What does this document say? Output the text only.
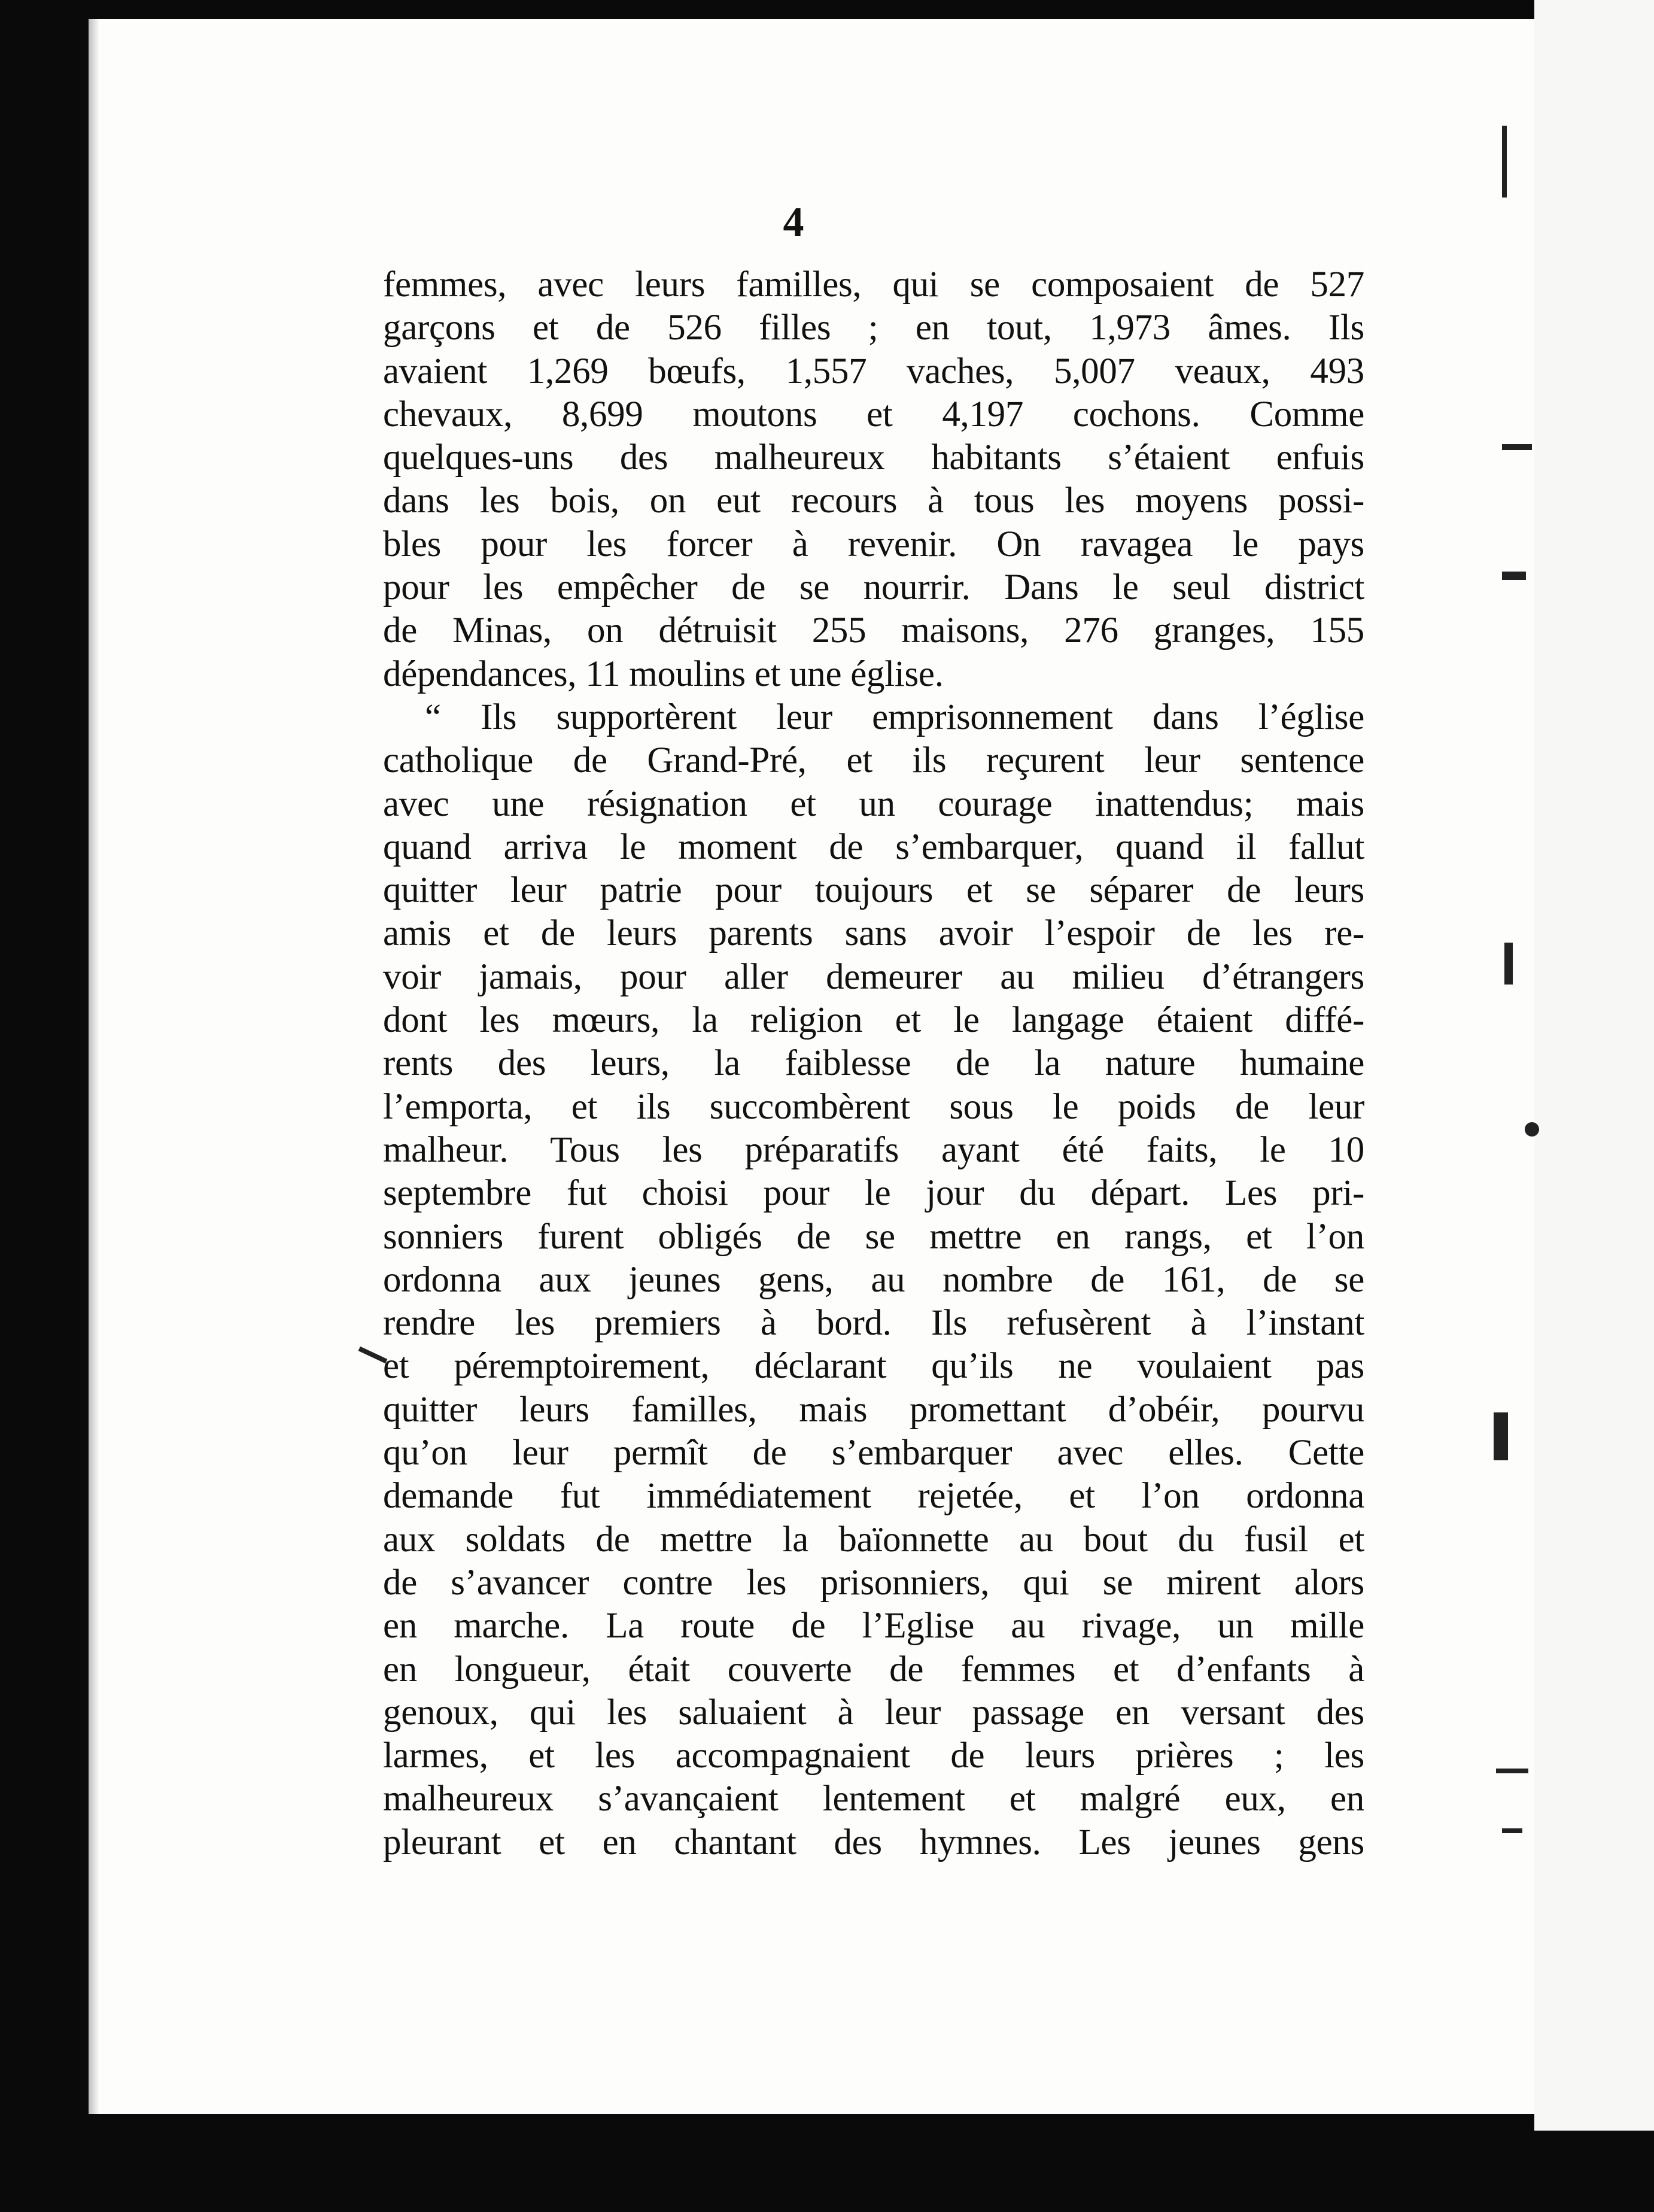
4
femmes, avec leurs familles, qui se composaient de 527
garçons et de 526 filles ; en tout, 1,973 âmes. Ils
avaient 1,269 bœufs, 1,557 vaches, 5,007 veaux, 493
chevaux, 8,699 moutons et 4,197 cochons. Comme
quelques-uns des malheureux habitants s’étaient enfuis
dans les bois, on eut recours à tous les moyens possi-
bles pour les forcer à revenir. On ravagea le pays
pour les empêcher de se nourrir. Dans le seul district
de Minas, on détruisit 255 maisons, 276 granges, 155
dépendances, 11 moulins et une église.
“ Ils supportèrent leur emprisonnement dans l’église
catholique de Grand-Pré, et ils reçurent leur sentence
avec une résignation et un courage inattendus; mais
quand arriva le moment de s’embarquer, quand il fallut
quitter leur patrie pour toujours et se séparer de leurs
amis et de leurs parents sans avoir l’espoir de les re-
voir jamais, pour aller demeurer au milieu d’étrangers
dont les mœurs, la religion et le langage étaient diffé-
rents des leurs, la faiblesse de la nature humaine
l’emporta, et ils succombèrent sous le poids de leur
malheur. Tous les préparatifs ayant été faits, le 10
septembre fut choisi pour le jour du départ. Les pri-
sonniers furent obligés de se mettre en rangs, et l’on
ordonna aux jeunes gens, au nombre de 161, de se
rendre les premiers à bord. Ils refusèrent à l’instant
et péremptoirement, déclarant qu’ils ne voulaient pas
quitter leurs familles, mais promettant d’obéir, pourvu
qu’on leur permît de s’embarquer avec elles. Cette
demande fut immédiatement rejetée, et l’on ordonna
aux soldats de mettre la baïonnette au bout du fusil et
de s’avancer contre les prisonniers, qui se mirent alors
en marche. La route de l’Eglise au rivage, un mille
en longueur, était couverte de femmes et d’enfants à
genoux, qui les saluaient à leur passage en versant des
larmes, et les accompagnaient de leurs prières ; les
malheureux s’avançaient lentement et malgré eux, en
pleurant et en chantant des hymnes. Les jeunes gens
